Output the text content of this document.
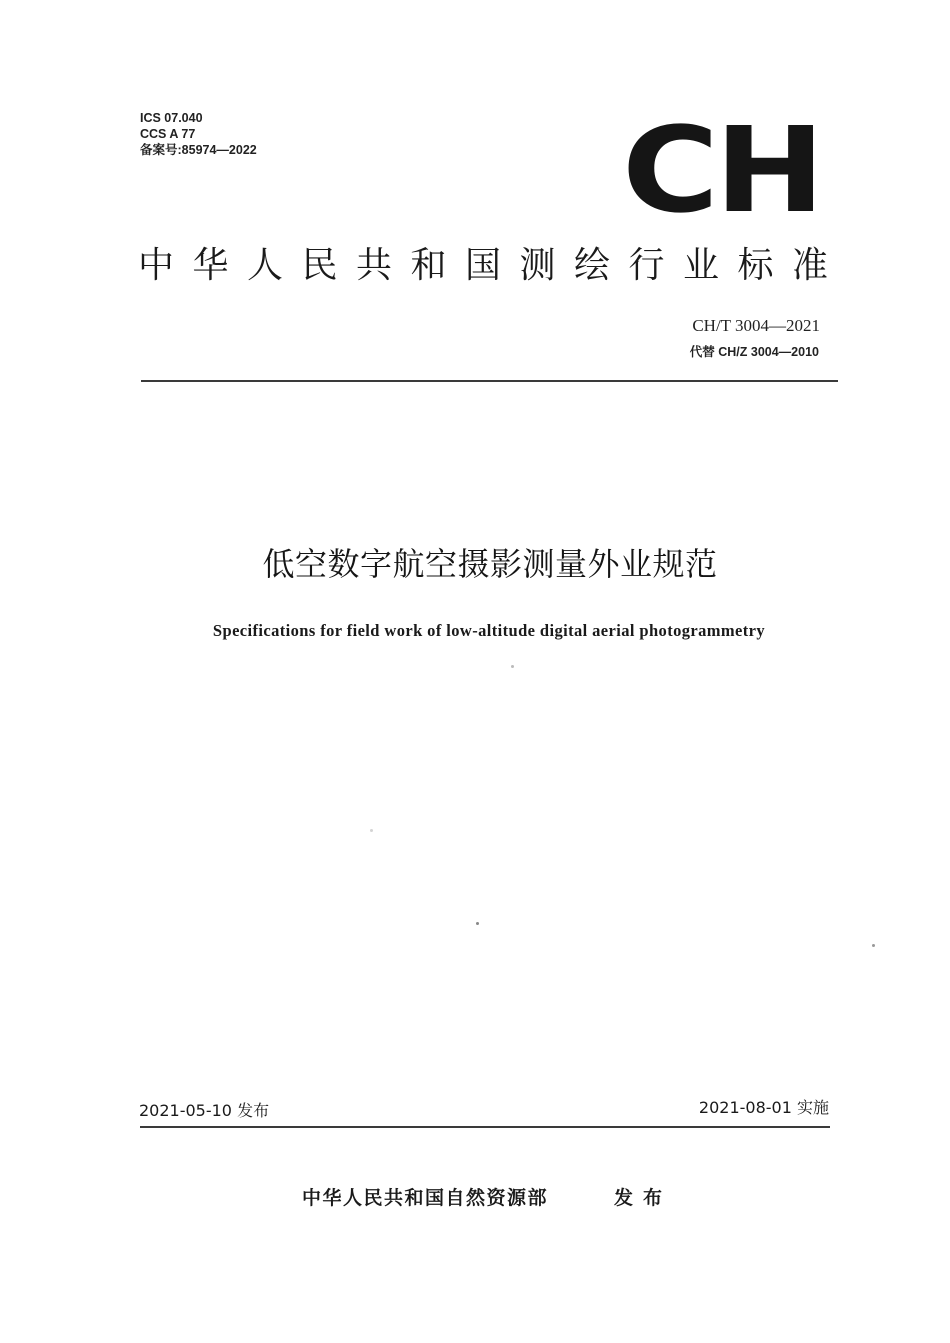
ICS 07.040
CCS A 77
备案号:85974—2022	CH
中华人民共和国测绘行业标准
CH/T 3004—2021
代替 CH/Z 3004—2010
低空数字航空摄影测量外业规范
Specifications for field work of low-altitude digital aerial photogrammetry
2021-05-10 发布	2021-08-01 实施
中华人民共和国自然资源部	发布
